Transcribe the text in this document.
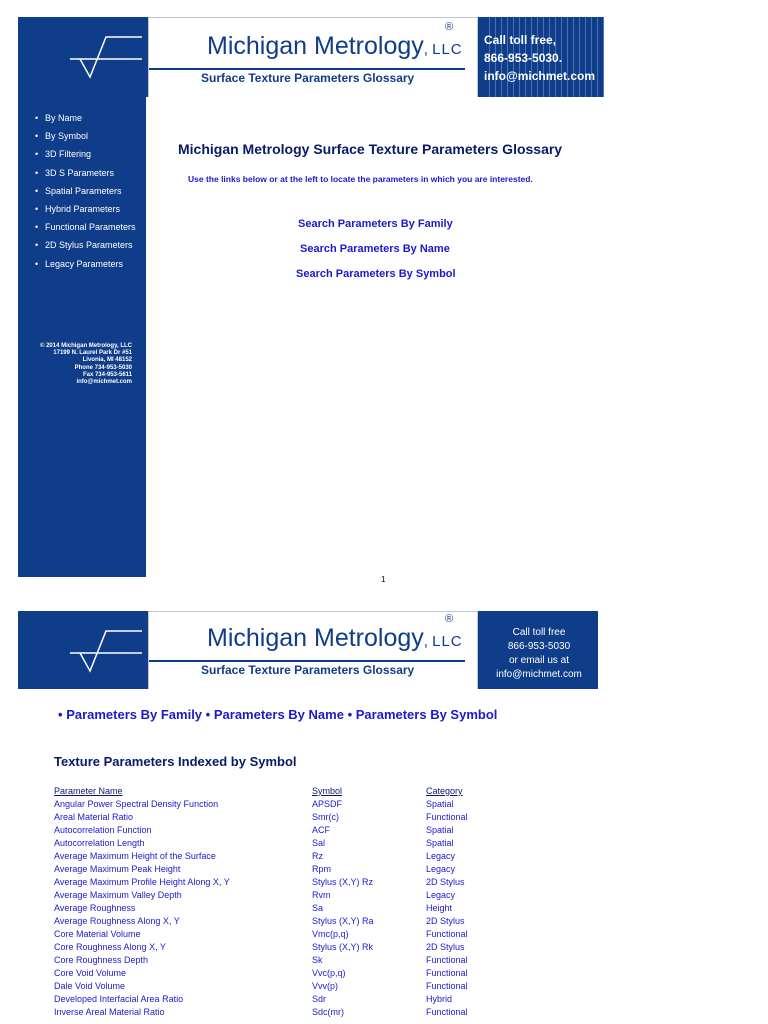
Michigan Metrology, LLC
®
Surface Texture Parameters Glossary
Call toll free,
866-953-5030.
info@michmet.com
• By Name
• By Symbol
• 3D Filtering
• 3D S Parameters
• Spatial Parameters
• Hybrid Parameters
• Functional Parameters
• 2D Stylus Parameters
• Legacy Parameters
© 2014 Michigan Metrology, LLC
17199 N. Laurel Park Dr #51
Livonia, MI 48152
Phone 734-953-5030
Fax 734-953-5611
info@michmet.com
Michigan Metrology Surface Texture Parameters Glossary
Use the links below or at the left to locate the parameters in which you are interested.
Search Parameters By Family
Search Parameters By Name
Search Parameters By Symbol
1
Michigan Metrology, LLC
®
Surface Texture Parameters Glossary
Call toll free
866-953-5030
or email us at
info@michmet.com
• Parameters By Family • Parameters By Name • Parameters By Symbol
Texture Parameters Indexed by Symbol
Parameter Name	Symbol	Category
Angular Power Spectral Density Function	APSDF	Spatial
Areal Material Ratio	Smr(c)	Functional
Autocorrelation Function	ACF	Spatial
Autocorrelation Length	Sal	Spatial
Average Maximum Height of the Surface	Rz	Legacy
Average Maximum Peak Height	Rpm	Legacy
Average Maximum Profile Height Along X, Y	Stylus (X,Y) Rz	2D Stylus
Average Maximum Valley Depth	Rvm	Legacy
Average Roughness	Sa	Height
Average Roughness Along X, Y	Stylus (X,Y) Ra	2D Stylus
Core Material Volume	Vmc(p,q)	Functional
Core Roughness Along X, Y	Stylus (X,Y) Rk	2D Stylus
Core Roughness Depth	Sk	Functional
Core Void Volume	Vvc(p,q)	Functional
Dale Void Volume	Vvv(p)	Functional
Developed Interfacial Area Ratio	Sdr	Hybrid
Inverse Areal Material Ratio	Sdc(mr)	Functional
